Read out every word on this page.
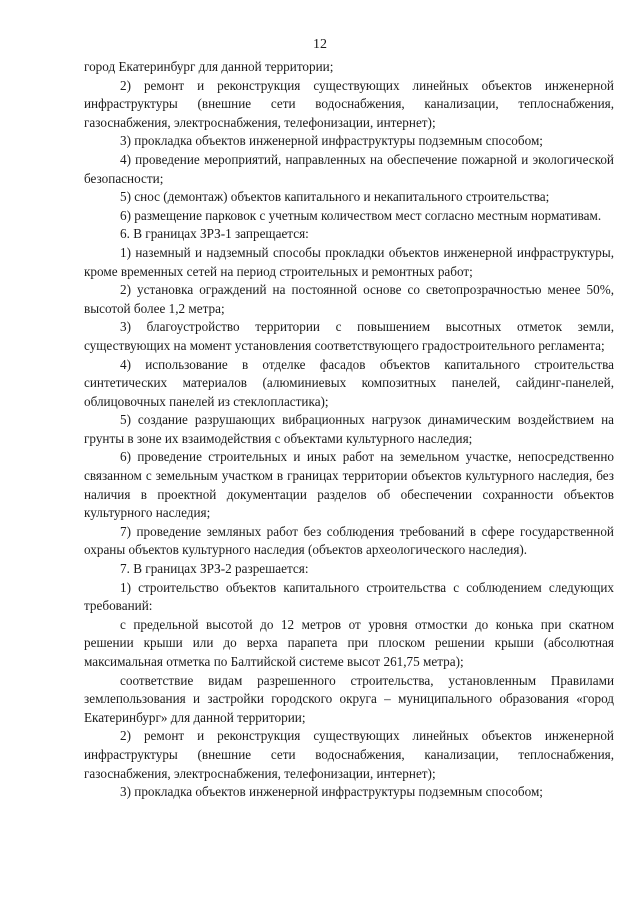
12

город Екатеринбург для данной территории;

2) ремонт и реконструкция существующих линейных объектов инженерной инфраструктуры (внешние сети водоснабжения, канализации, теплоснабжения, газоснабжения, электроснабжения, телефонизации, интернет);

3) прокладка объектов инженерной инфраструктуры подземным способом;

4) проведение мероприятий, направленных на обеспечение пожарной и экологической безопасности;

5) снос (демонтаж) объектов капитального и некапитального строительства;

6) размещение парковок с учетным количеством мест согласно местным нормативам.

6. В границах ЗРЗ-1 запрещается:

1) наземный и надземный способы прокладки объектов инженерной инфраструктуры, кроме временных сетей на период строительных и ремонтных работ;

2) установка ограждений на постоянной основе со светопрозрачностью менее 50%, высотой более 1,2 метра;

3) благоустройство территории с повышением высотных отметок земли, существующих на момент установления соответствующего градостроительного регламента;

4) использование в отделке фасадов объектов капитального строительства синтетических материалов (алюминиевых композитных панелей, сайдинг-панелей, облицовочных панелей из стеклопластика);

5) создание разрушающих вибрационных нагрузок динамическим воздействием на грунты в зоне их взаимодействия с объектами культурного наследия;

6) проведение строительных и иных работ на земельном участке, непосредственно связанном с земельным участком в границах территории объектов культурного наследия, без наличия в проектной документации разделов об обеспечении сохранности объектов культурного наследия;

7) проведение земляных работ без соблюдения требований в сфере государственной охраны объектов культурного наследия (объектов археологического наследия).

7. В границах ЗРЗ-2 разрешается:

1) строительство объектов капитального строительства с соблюдением следующих требований:

с предельной высотой до 12 метров от уровня отмостки до конька при скатном решении крыши или до верха парапета при плоском решении крыши (абсолютная максимальная отметка по Балтийской системе высот 261,75 метра);

соответствие видам разрешенного строительства, установленным Правилами землепользования и застройки городского округа – муниципального образования «город Екатеринбург» для данной территории;

2) ремонт и реконструкция существующих линейных объектов инженерной инфраструктуры (внешние сети водоснабжения, канализации, теплоснабжения, газоснабжения, электроснабжения, телефонизации, интернет);

3) прокладка объектов инженерной инфраструктуры подземным способом;
